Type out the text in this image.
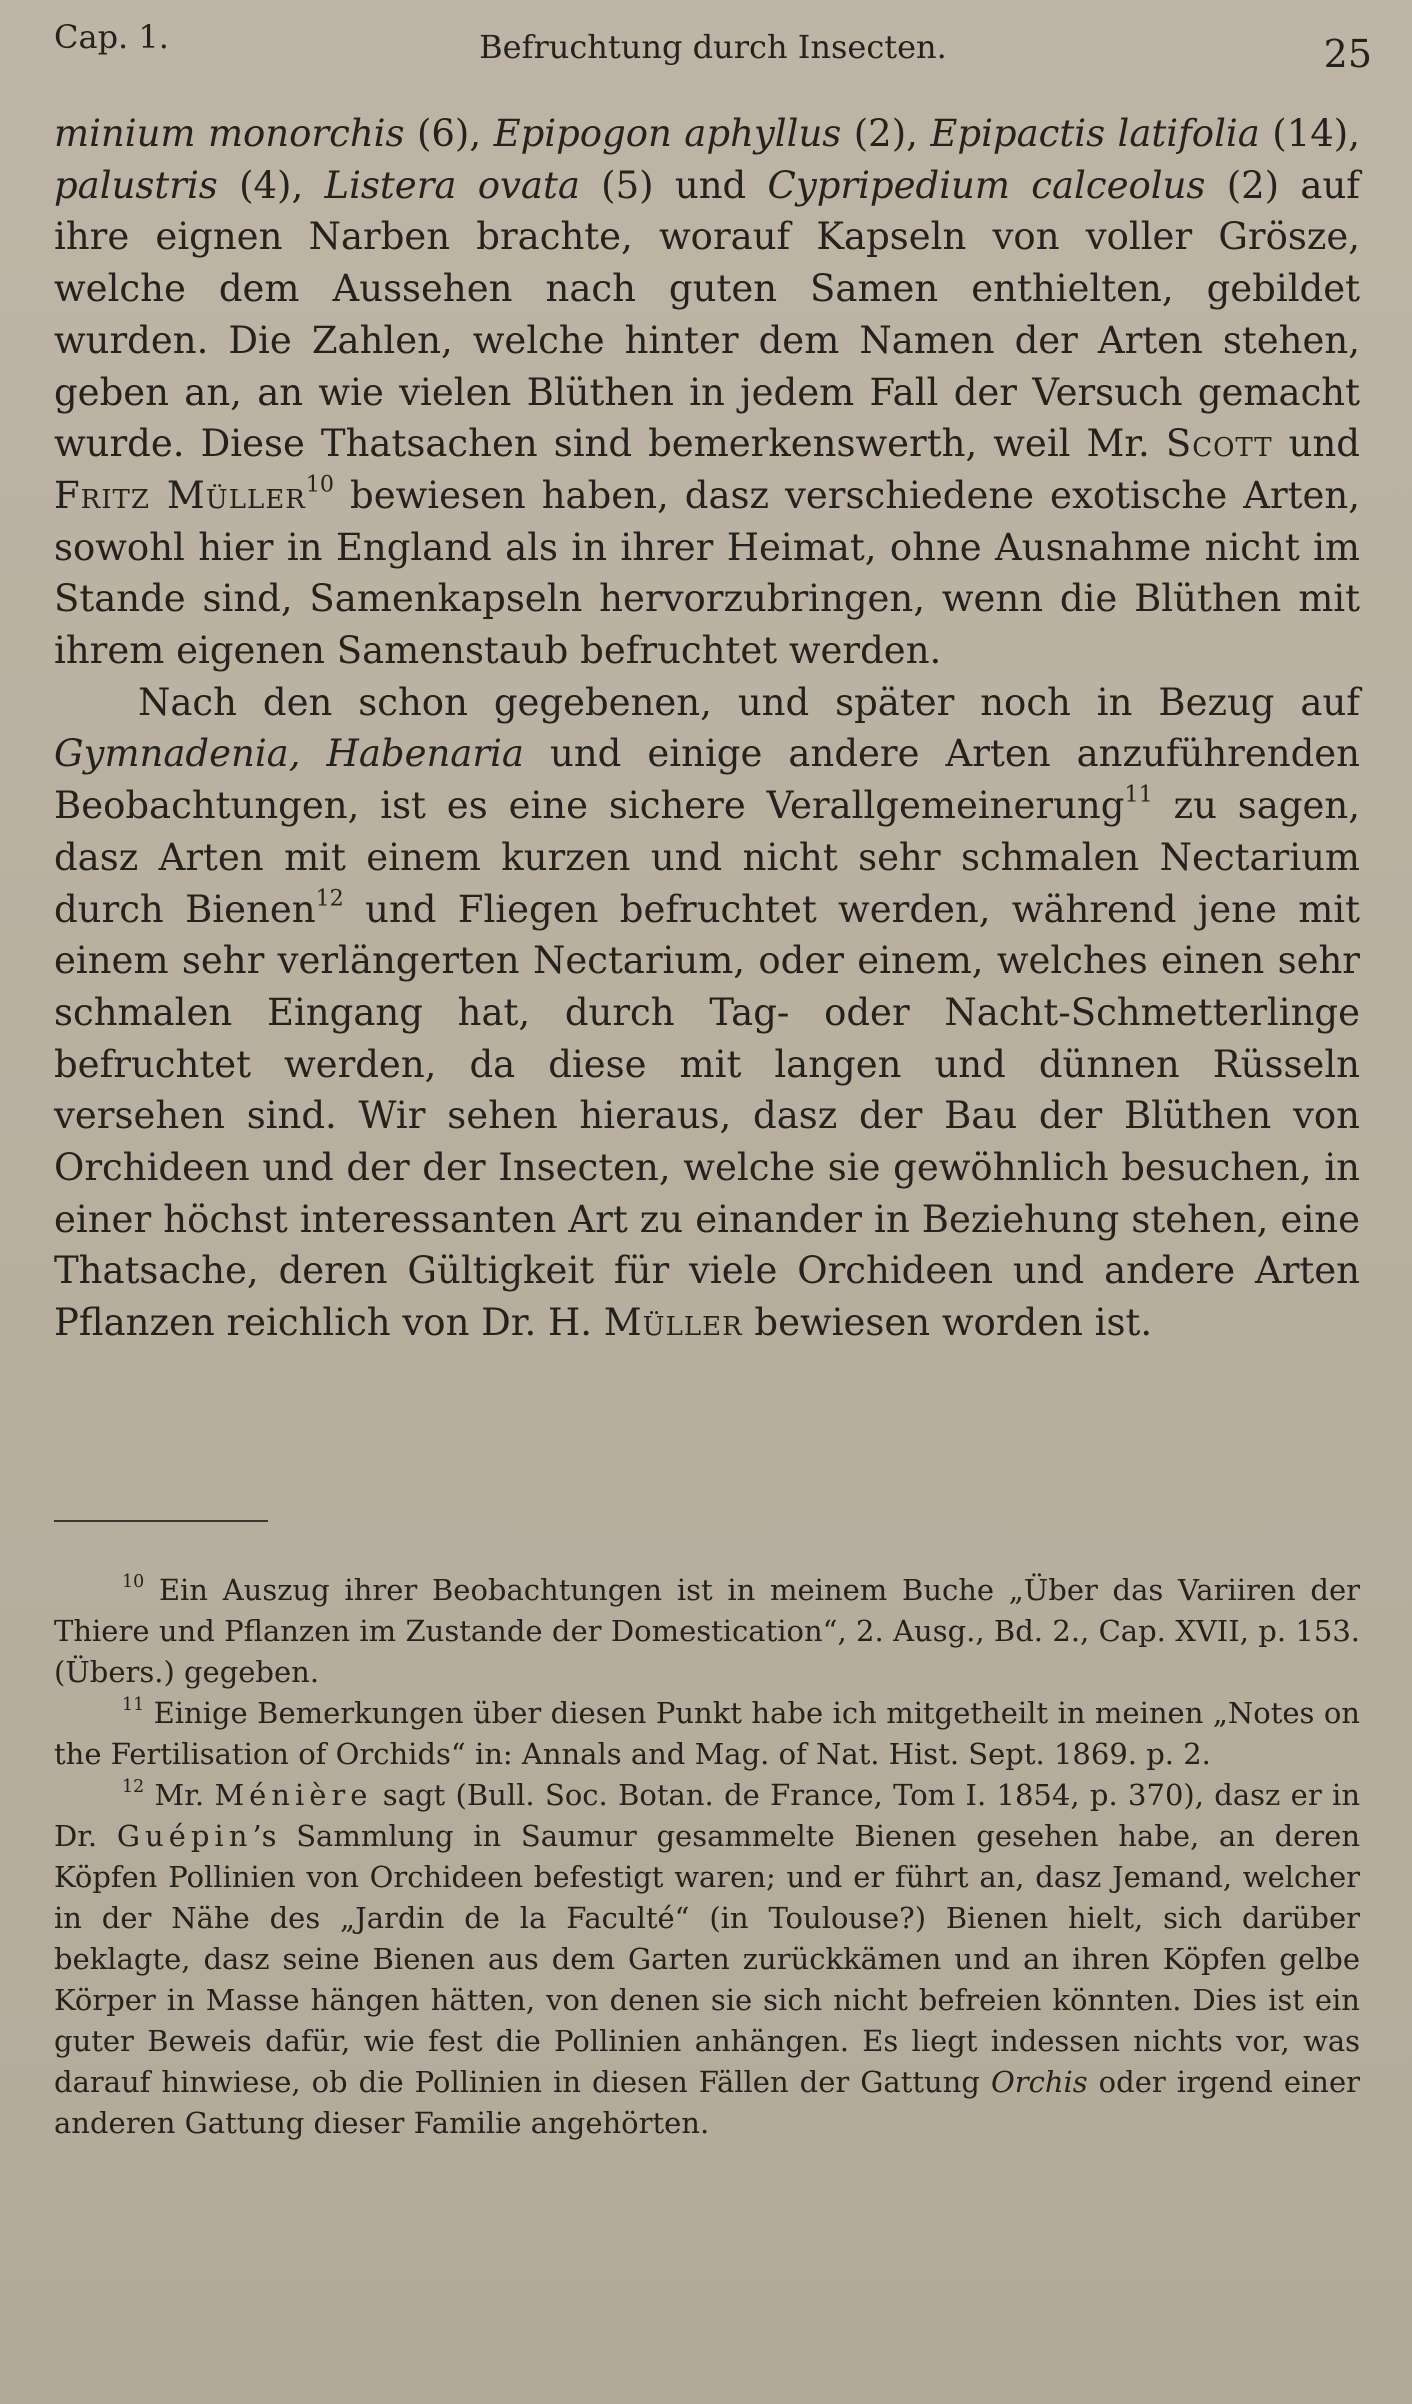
Cap. 1.	Befruchtung durch Insecten.	25

minium monorchis (6), Epipogon aphyllus (2), Epipactis latifolia (14), palustris (4), Listera ovata (5) und Cypripedium calceolus (2) auf ihre eignen Narben brachte, worauf Kapseln von voller Grösze, welche dem Aussehen nach guten Samen enthielten, gebildet wurden. Die Zahlen, welche hinter dem Namen der Arten stehen, geben an, an wie vielen Blüthen in jedem Fall der Versuch gemacht wurde. Diese Thatsachen sind bemerkenswerth, weil Mr. Scott und Fritz Müller$^{10}$ bewiesen haben, dasz verschiedene exotische Arten, sowohl hier in England als in ihrer Heimat, ohne Ausnahme nicht im Stande sind, Samenkapseln hervorzubringen, wenn die Blüthen mit ihrem eigenen Samenstaub befruchtet werden.

Nach den schon gegebenen, und später noch in Bezug auf Gymnadenia, Habenaria und einige andere Arten anzuführenden Beobachtungen, ist es eine sichere Verallgemeinerung$^{11}$ zu sagen, dasz Arten mit einem kurzen und nicht sehr schmalen Nectarium durch Bienen$^{12}$ und Fliegen befruchtet werden, während jene mit einem sehr verlängerten Nectarium, oder einem, welches einen sehr schmalen Eingang hat, durch Tag- oder Nacht-Schmetterlinge befruchtet werden, da diese mit langen und dünnen Rüsseln versehen sind. Wir sehen hieraus, dasz der Bau der Blüthen von Orchideen und der der Insecten, welche sie gewöhnlich besuchen, in einer höchst interessanten Art zu einander in Beziehung stehen, eine Thatsache, deren Gültigkeit für viele Orchideen und andere Arten Pflanzen reichlich von Dr. H. Müller bewiesen worden ist.

$^{10}$ Ein Auszug ihrer Beobachtungen ist in meinem Buche „Über das Variiren der Thiere und Pflanzen im Zustande der Domestication“, 2. Ausg., Bd. 2., Cap. XVII, p. 153. (Übers.) gegeben.

$^{11}$ Einige Bemerkungen über diesen Punkt habe ich mitgetheilt in meinen „Notes on the Fertilisation of Orchids“ in: Annals and Mag. of Nat. Hist. Sept. 1869. p. 2.

$^{12}$ Mr. Ménière sagt (Bull. Soc. Botan. de France, Tom I. 1854, p. 370), dasz er in Dr. Guépin’s Sammlung in Saumur gesammelte Bienen gesehen habe, an deren Köpfen Pollinien von Orchideen befestigt waren; und er führt an, dasz Jemand, welcher in der Nähe des „Jardin de la Faculté“ (in Toulouse?) Bienen hielt, sich darüber beklagte, dasz seine Bienen aus dem Garten zurückkämen und an ihren Köpfen gelbe Körper in Masse hängen hätten, von denen sie sich nicht befreien könnten. Dies ist ein guter Beweis dafür, wie fest die Pollinien anhängen. Es liegt indessen nichts vor, was darauf hinwiese, ob die Pollinien in diesen Fällen der Gattung Orchis oder irgend einer anderen Gattung dieser Familie angehörten.
